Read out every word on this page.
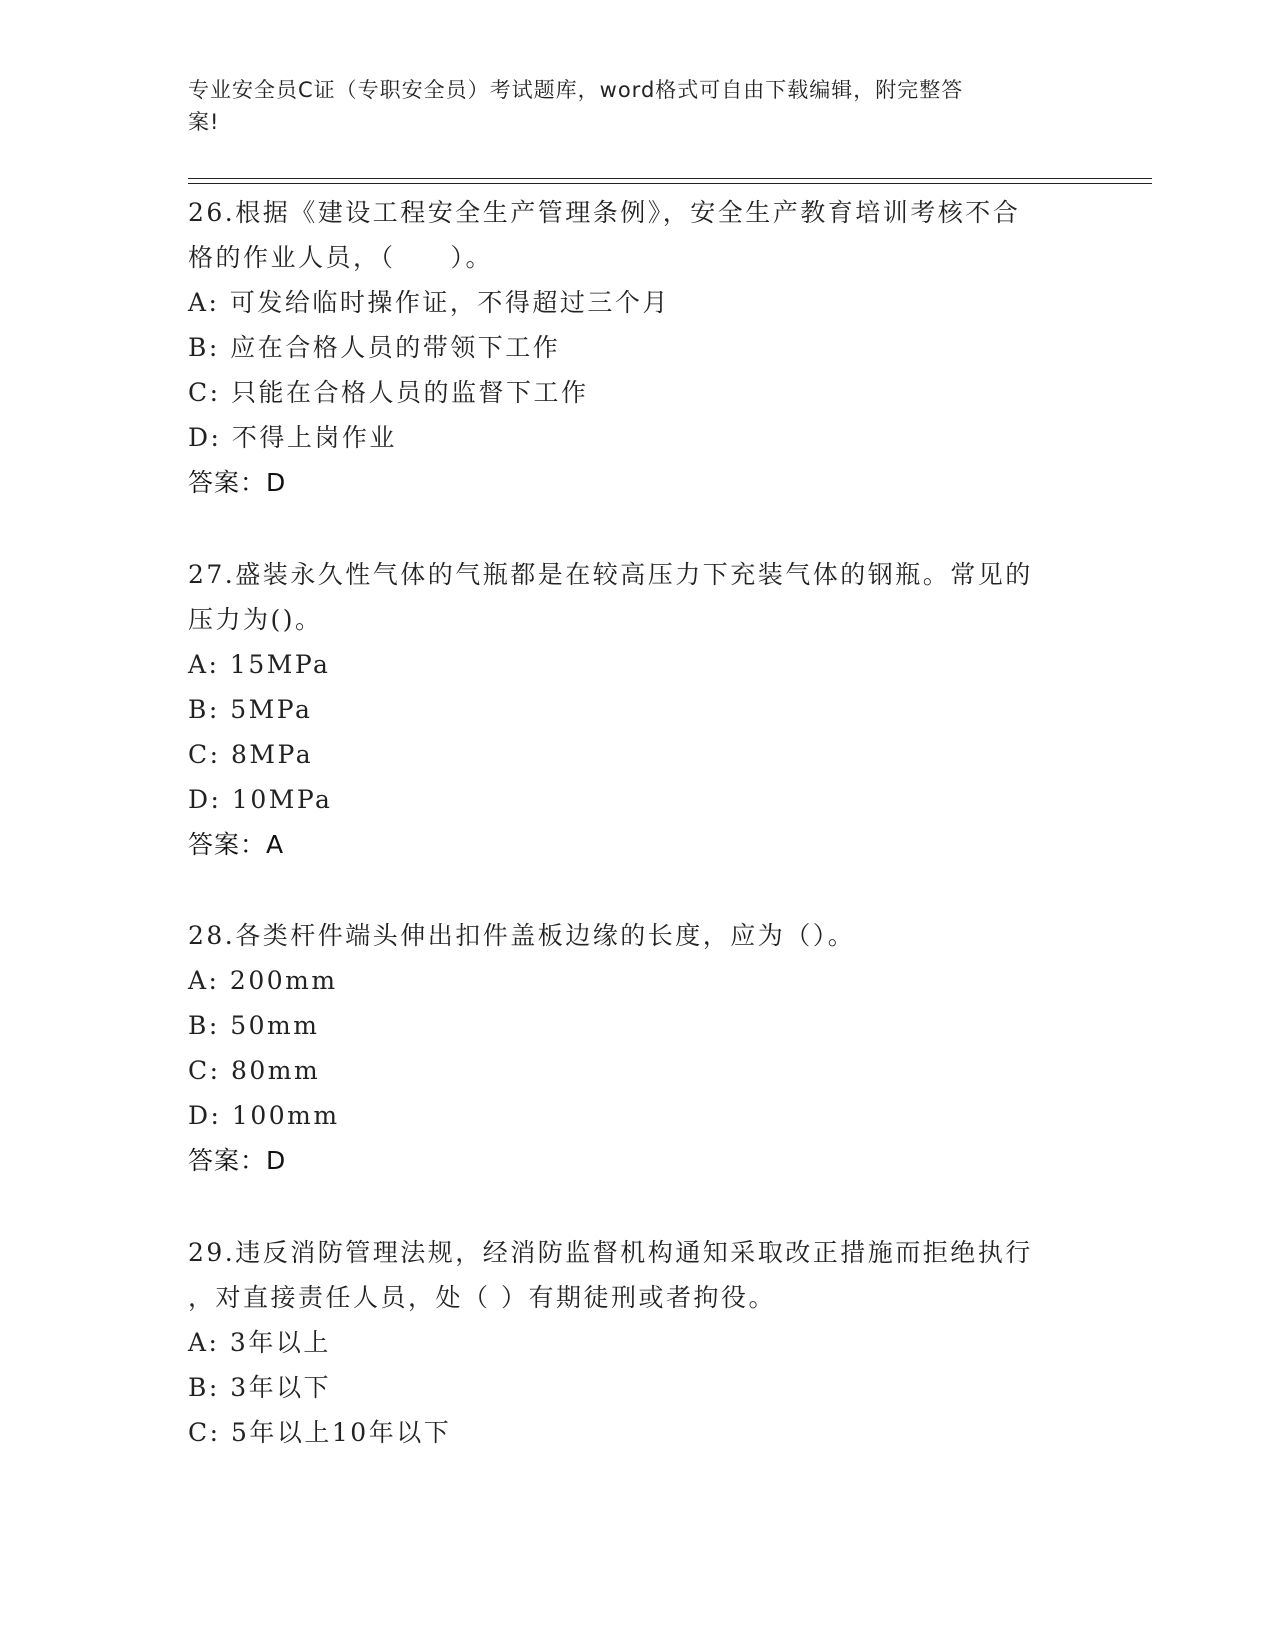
专业安全员C证（专职安全员）考试题库，word格式可自由下载编辑，附完整答
案!

26.根据《建设工程安全生产管理条例》，安全生产教育培训考核不合

格的作业人员，（　　）。

A: 可发给临时操作证，不得超过三个月

B: 应在合格人员的带领下工作

C: 只能在合格人员的监督下工作

D: 不得上岗作业

答案：D

27.盛装永久性气体的气瓶都是在较高压力下充装气体的钢瓶。常见的

压力为()。

A: 15MPa

B: 5MPa

C: 8MPa

D: 10MPa

答案：A

28.各类杆件端头伸出扣件盖板边缘的长度，应为（）。

A: 200mm

B: 50mm

C: 80mm

D: 100mm

答案：D

29.违反消防管理法规，经消防监督机构通知采取改正措施而拒绝执行

，对直接责任人员，处（ ）有期徒刑或者拘役。

A: 3年以上

B: 3年以下

C: 5年以上10年以下
